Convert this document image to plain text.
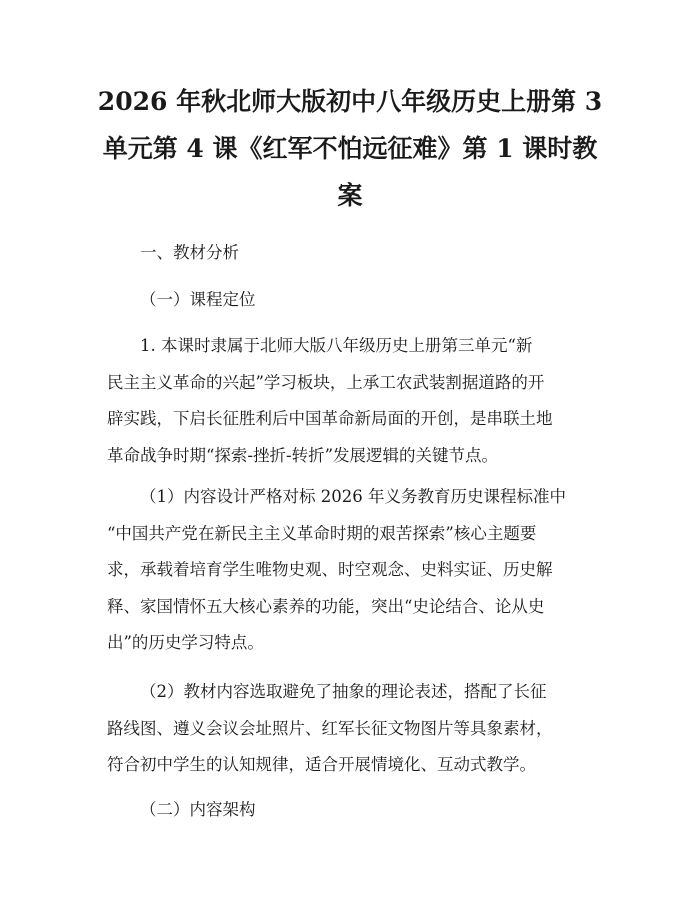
2026 年秋北师大版初中八年级历史上册第 3
单元第 4 课《红军不怕远征难》第 1 课时教
案

一、教材分析

（一）课程定位

1. 本课时隶属于北师大版八年级历史上册第三单元“新
民主主义革命的兴起”学习板块，上承工农武装割据道路的开
辟实践，下启长征胜利后中国革命新局面的开创，是串联土地
革命战争时期“探索-挫折-转折”发展逻辑的关键节点。
（1）内容设计严格对标 2026 年义务教育历史课程标准中
“中国共产党在新民主主义革命时期的艰苦探索”核心主题要
求，承载着培育学生唯物史观、时空观念、史料实证、历史解
释、家国情怀五大核心素养的功能，突出“史论结合、论从史
出”的历史学习特点。
（2）教材内容选取避免了抽象的理论表述，搭配了长征
路线图、遵义会议会址照片、红军长征文物图片等具象素材，
符合初中学生的认知规律，适合开展情境化、互动式教学。

（二）内容架构
